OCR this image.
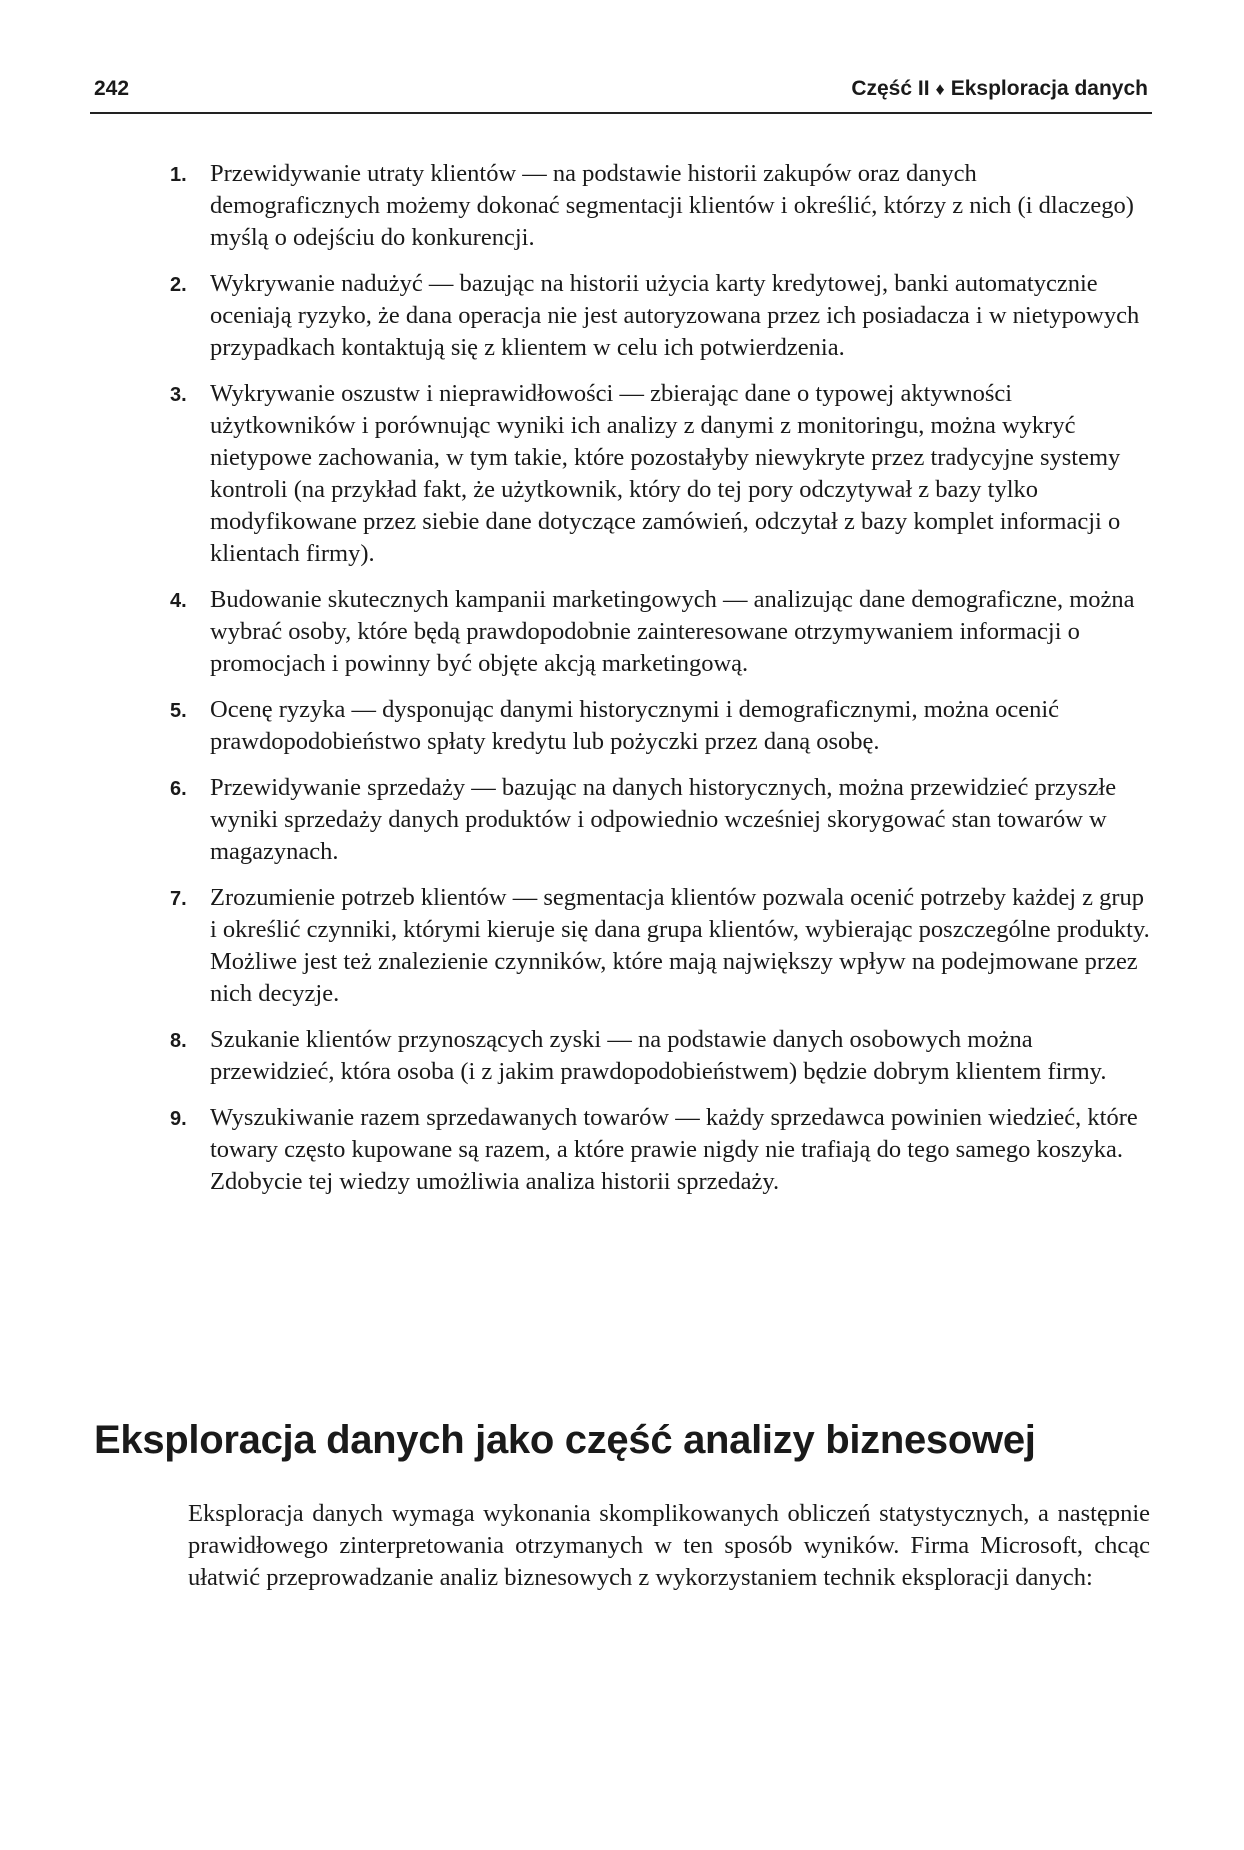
242	Część II ♦ Eksploracja danych
1. Przewidywanie utraty klientów — na podstawie historii zakupów oraz danych demograficznych możemy dokonać segmentacji klientów i określić, którzy z nich (i dlaczego) myślą o odejściu do konkurencji.
2. Wykrywanie nadużyć — bazując na historii użycia karty kredytowej, banki automatycznie oceniają ryzyko, że dana operacja nie jest autoryzowana przez ich posiadacza i w nietypowych przypadkach kontaktują się z klientem w celu ich potwierdzenia.
3. Wykrywanie oszustw i nieprawidłowości — zbierając dane o typowej aktywności użytkowników i porównując wyniki ich analizy z danymi z monitoringu, można wykryć nietypowe zachowania, w tym takie, które pozostałyby niewykryte przez tradycyjne systemy kontroli (na przykład fakt, że użytkownik, który do tej pory odczytywał z bazy tylko modyfikowane przez siebie dane dotyczące zamówień, odczytał z bazy komplet informacji o klientach firmy).
4. Budowanie skutecznych kampanii marketingowych — analizując dane demograficzne, można wybrać osoby, które będą prawdopodobnie zainteresowane otrzymywaniem informacji o promocjach i powinny być objęte akcją marketingową.
5. Ocenę ryzyka — dysponując danymi historycznymi i demograficznymi, można ocenić prawdopodobieństwo spłaty kredytu lub pożyczki przez daną osobę.
6. Przewidywanie sprzedaży — bazując na danych historycznych, można przewidzieć przyszłe wyniki sprzedaży danych produktów i odpowiednio wcześniej skorygować stan towarów w magazynach.
7. Zrozumienie potrzeb klientów — segmentacja klientów pozwala ocenić potrzeby każdej z grup i określić czynniki, którymi kieruje się dana grupa klientów, wybierając poszczególne produkty. Możliwe jest też znalezienie czynników, które mają największy wpływ na podejmowane przez nich decyzje.
8. Szukanie klientów przynoszących zyski — na podstawie danych osobowych można przewidzieć, która osoba (i z jakim prawdopodobieństwem) będzie dobrym klientem firmy.
9. Wyszukiwanie razem sprzedawanych towarów — każdy sprzedawca powinien wiedzieć, które towary często kupowane są razem, a które prawie nigdy nie trafiają do tego samego koszyka. Zdobycie tej wiedzy umożliwia analiza historii sprzedaży.
Eksploracja danych jako część analizy biznesowej

Eksploracja danych wymaga wykonania skomplikowanych obliczeń statystycznych, a następnie prawidłowego zinterpretowania otrzymanych w ten sposób wyników. Firma Microsoft, chcąc ułatwić przeprowadzanie analiz biznesowych z wykorzystaniem technik eksploracji danych:
